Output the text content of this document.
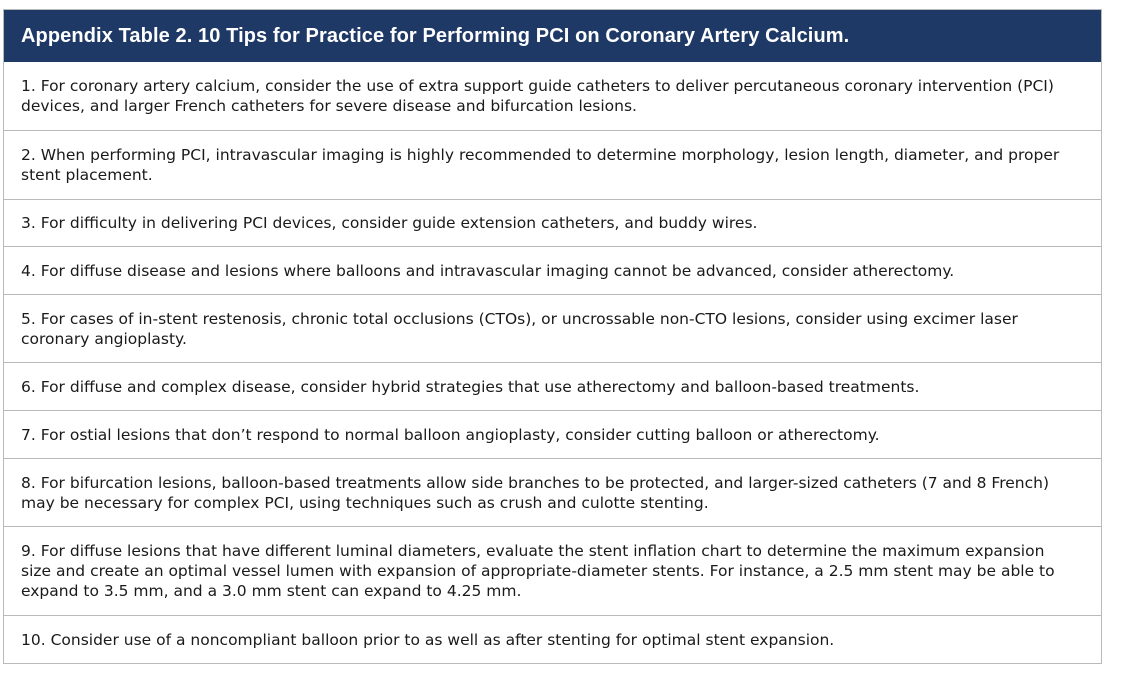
Appendix Table 2. 10 Tips for Practice for Performing PCI on Coronary Artery Calcium.
1. For coronary artery calcium, consider the use of extra support guide catheters to deliver percutaneous coronary intervention (PCI) devices, and larger French catheters for severe disease and bifurcation lesions.
2. When performing PCI, intravascular imaging is highly recommended to determine morphology, lesion length, diameter, and proper stent placement.
3. For difficulty in delivering PCI devices, consider guide extension catheters, and buddy wires.
4. For diffuse disease and lesions where balloons and intravascular imaging cannot be advanced, consider atherectomy.
5. For cases of in-stent restenosis, chronic total occlusions (CTOs), or uncrossable non-CTO lesions, consider using excimer laser coronary angioplasty.
6. For diffuse and complex disease, consider hybrid strategies that use atherectomy and balloon-based treatments.
7. For ostial lesions that don’t respond to normal balloon angioplasty, consider cutting balloon or atherectomy.
8. For bifurcation lesions, balloon-based treatments allow side branches to be protected, and larger-sized catheters (7 and 8 French) may be necessary for complex PCI, using techniques such as crush and culotte stenting.
9. For diffuse lesions that have different luminal diameters, evaluate the stent inflation chart to determine the maximum expansion size and create an optimal vessel lumen with expansion of appropriate-diameter stents. For instance, a 2.5 mm stent may be able to expand to 3.5 mm, and a 3.0 mm stent can expand to 4.25 mm.
10. Consider use of a noncompliant balloon prior to as well as after stenting for optimal stent expansion.
